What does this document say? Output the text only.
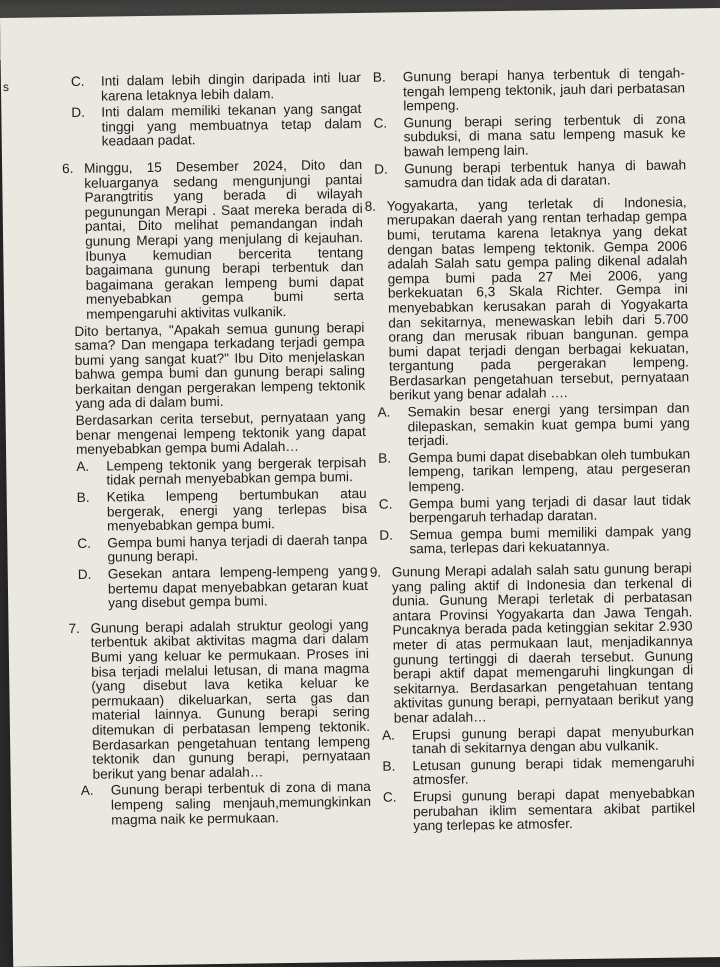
s	C.	Inti dalam lebih dingin daripada inti luar karena letaknya lebih dalam.
D.	Inti dalam memiliki tekanan yang sangat tinggi yang membuatnya tetap dalam keadaan padat.
6. Minggu, 15 Desember 2024, Dito dan keluarganya sedang mengunjungi pantai Parangtritis yang berada di wilayah pegunungan Merapi . Saat mereka berada di pantai, Dito melihat pemandangan indah gunung Merapi yang menjulang di kejauhan. Ibunya kemudian bercerita tentang bagaimana gunung berapi terbentuk dan bagaimana gerakan lempeng bumi dapat menyebabkan gempa bumi serta mempengaruhi aktivitas vulkanik.

Dito bertanya, "Apakah semua gunung berapi sama? Dan mengapa terkadang terjadi gempa bumi yang sangat kuat?" Ibu Dito menjelaskan bahwa gempa bumi dan gunung berapi saling berkaitan dengan pergerakan lempeng tektonik yang ada di dalam bumi.

Berdasarkan cerita tersebut, pernyataan yang benar mengenai lempeng tektonik yang dapat menyebabkan gempa bumi Adalah…

A.	Lempeng tektonik yang bergerak terpisah tidak pernah menyebabkan gempa bumi.
B.	Ketika lempeng bertumbukan atau bergerak, energi yang terlepas bisa menyebabkan gempa bumi.
C.	Gempa bumi hanya terjadi di daerah tanpa gunung berapi.
D.	Gesekan antara lempeng-lempeng yang bertemu dapat menyebabkan getaran kuat yang disebut gempa bumi.
7. Gunung berapi adalah struktur geologi yang terbentuk akibat aktivitas magma dari dalam Bumi yang keluar ke permukaan. Proses ini bisa terjadi melalui letusan, di mana magma (yang disebut lava ketika keluar ke permukaan) dikeluarkan, serta gas dan material lainnya. Gunung berapi sering ditemukan di perbatasan lempeng tektonik. Berdasarkan pengetahuan tentang lempeng tektonik dan gunung berapi, pernyataan berikut yang benar adalah…
A.	Gunung berapi terbentuk di zona di mana lempeng saling menjauh,memungkinkan magma naik ke permukaan.
B.	Gunung berapi hanya terbentuk di tengah-tengah lempeng tektonik, jauh dari perbatasan lempeng.
C.	Gunung berapi sering terbentuk di zona subduksi, di mana satu lempeng masuk ke bawah lempeng lain.
D.	Gunung berapi terbentuk hanya di bawah samudra dan tidak ada di daratan.
8. Yogyakarta, yang terletak di Indonesia, merupakan daerah yang rentan terhadap gempa bumi, terutama karena letaknya yang dekat dengan batas lempeng tektonik. Gempa 2006 adalah Salah satu gempa paling dikenal adalah gempa bumi pada 27 Mei 2006, yang berkekuatan 6,3 Skala Richter. Gempa ini menyebabkan kerusakan parah di Yogyakarta dan sekitarnya, menewaskan lebih dari 5.700 orang dan merusak ribuan bangunan. gempa bumi dapat terjadi dengan berbagai kekuatan, tergantung pada pergerakan lempeng. Berdasarkan pengetahuan tersebut, pernyataan berikut yang benar adalah ….
A.	Semakin besar energi yang tersimpan dan dilepaskan, semakin kuat gempa bumi yang terjadi.
B.	Gempa bumi dapat disebabkan oleh tumbukan lempeng, tarikan lempeng, atau pergeseran lempeng.
C.	Gempa bumi yang terjadi di dasar laut tidak berpengaruh terhadap daratan.
D.	Semua gempa bumi memiliki dampak yang sama, terlepas dari kekuatannya.
9. Gunung Merapi adalah salah satu gunung berapi yang paling aktif di Indonesia dan terkenal di dunia. Gunung Merapi terletak di perbatasan antara Provinsi Yogyakarta dan Jawa Tengah. Puncaknya berada pada ketinggian sekitar 2.930 meter di atas permukaan laut, menjadikannya gunung tertinggi di daerah tersebut. Gunung berapi aktif dapat memengaruhi lingkungan di sekitarnya. Berdasarkan pengetahuan tentang aktivitas gunung berapi, pernyataan berikut yang benar adalah…
A.	Erupsi gunung berapi dapat menyuburkan tanah di sekitarnya dengan abu vulkanik.
B.	Letusan gunung berapi tidak memengaruhi atmosfer.
C.	Erupsi gunung berapi dapat menyebabkan perubahan iklim sementara akibat partikel yang terlepas ke atmosfer.
